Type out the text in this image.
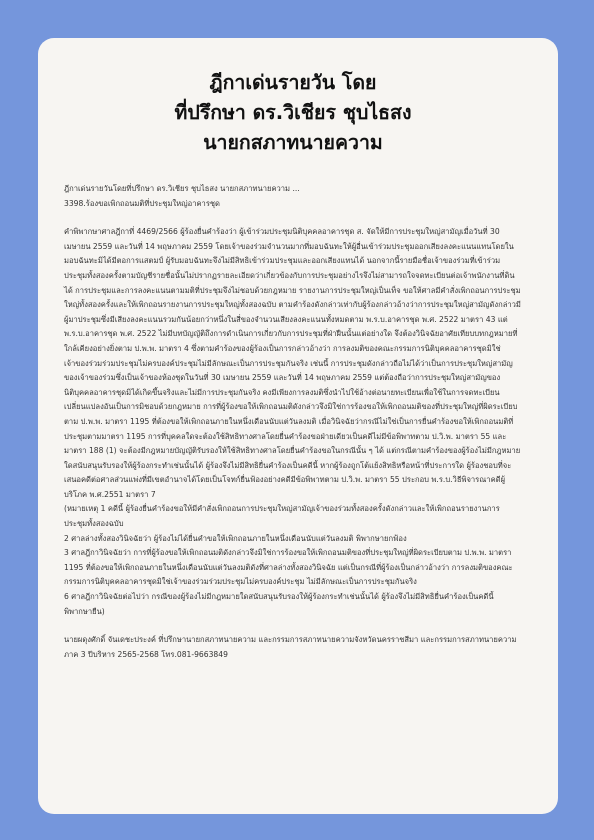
ฎีกาเด่นรายวัน โดย
ที่ปรึกษา ดร.วิเชียร ชุบไธสง
นายกสภาทนายความ

ฎีกาเด่นรายวันโดยที่ปรึกษา ดร.วิเชียร ชุบไธสง นายกสภาทนายความ ...
3398.ร้องขอเพิกถอนมติที่ประชุมใหญ่อาคารชุด

คำพิพากษาศาลฎีกาที่ 4469/2566 ผู้ร้องยื่นคำร้องว่า ผู้เข้าร่วมประชุมนิติบุคคลอาคารชุด ส. จัดให้มีการประชุมใหญ่สามัญเมื่อวันที่ 30 เมษายน 2559 และวันที่ 14 พฤษภาคม 2559 โดยเจ้าของร่วมจำนวนมากที่มอบฉันทะให้ผู้อื่นเข้าร่วมประชุมออกเสียงลงคะแนนแทนโดยในมอบฉันทะมิได้มีตอการแสตมป์ ผู้รับมอบฉันทะจึงไม่มีสิทธิเข้าร่วมประชุมและออกเสียงแทนได้ นอกจากนี้รายมือชื่อเจ้าของร่วมที่เข้าร่วมประชุมทั้งสองครั้งตามบัญชีรายชื่อนั้นไม่ปรากฏรายละเอียดว่าเกี่ยวข้องกับการประชุมอย่างไรจึงไม่สามารถใจจดทะเบียนต่อเจ้าพนักงานที่ดินได้ การประชุมและการลงคะแนนตามมติที่ประชุมจึงไม่ชอบด้วยกฎหมาย รายงานการประชุมใหญ่เป็นเท็จ ขอให้ศาลมีคำสั่งเพิกถอนการประชุมใหญ่ทั้งสองครั้งและให้เพิกถอนรายงานการประชุมใหญ่ทั้งสองฉบับ ตามคำร้องดังกล่าวเท่ากับผู้ร้องกล่าวอ้างว่าการประชุมใหญ่สามัญดังกล่าวมีผู้มาประชุมซึ่งมีเสียงลงคะแนนรวมกันน้อยกว่าหนึ่งในสี่ของจำนวนเสียงลงคะแนนทั้งหมดตาม พ.ร.บ.อาคารชุด พ.ศ. 2522 มาตรา 43 แต่ พ.ร.บ.อาคารชุด พ.ศ. 2522 ไม่มีบทบัญญัติถึงการดำเนินการเกี่ยวกับการประชุมที่ฝ่าฝืนนั้นแต่อย่างใด จึงต้องวินิจฉัยอาศัยเทียบบทกฎหมายที่ใกล้เคียงอย่างยิ่งตาม ป.พ.พ. มาตรา 4 ซึ่งตามคำร้องของผู้ร้องเป็นการกล่าวอ้างว่า การลงมติของคณะกรรมการนิติบุคคลอาคารชุดมิใช่เจ้าของร่วมร่วมประชุมไม่ครบองค์ประชุมไม่มีลักษณะเป็นการประชุมกันจริง เช่นนี้ การประชุมดังกล่าวถือไม่ได้ว่าเป็นการประชุมใหญ่สามัญของเจ้าของร่วมซึ่งเป็นเจ้าของห้องชุดในวันที่ 30 เมษายน 2559 และวันที่ 14 พฤษภาคม 2559 แต่ต้องถือว่าการประชุมใหญ่สามัญของนิติบุคคลอาคารชุดมิได้เกิดขึ้นจริงและไม่มีการประชุมกันจริง คงมีเพียงการลงมติซึ่งนำไปใช้อ้างต่อนายทะเบียนเพื่อใช้ในการจดทะเบียนเปลี่ยนแปลงอันเป็นการมิชอบด้วยกฎหมาย การที่ผู้ร้องขอให้เพิกถอนมติดังกล่าวจึงมิใช่การร้องขอให้เพิกถอนมติของที่ประชุมใหญ่ที่ผิดระเบียบตาม ป.พ.พ. มาตรา 1195 ที่ต้องขอให้เพิกถอนภายในหนึ่งเดือนนับแต่วันลงมติ เมื่อวินิจฉัยว่ากรณีไม่ใช่เป็นการยื่นคำร้องขอให้เพิกถอนมติที่ประชุมตามมาตรา 1195 การที่บุคคลใดจะต้องใช้สิทธิทางศาลโดยยื่นคำร้องขอฝ่ายเดียวเป็นคดีไม่มีข้อพิพาทตาม ป.วิ.พ. มาตรา 55 และมาตรา 188 (1) จะต้องมีกฎหมายบัญญัติรับรองให้ใช้สิทธิทางศาลโดยยื่นคำร้องขอในกรณีนั้น ๆ ได้ แต่กรณีตามคำร้องของผู้ร้องไม่มีกฎหมายใดสนับสนุนรับรองให้ผู้ร้องกระทำเช่นนั้นได้ ผู้ร้องจึงไม่มีสิทธิยื่นคำร้องเป็นคดีนี้ หากผู้ร้องถูกโต้แย้งสิทธิหรือหน้าที่ประการใด ผู้ร้องชอบที่จะเสนอคดีต่อศาลส่วนแพ่งที่มีเขตอำนาจได้โดยเป็นโจทก์ยื่นฟ้องอย่างคดีมีข้อพิพาทตาม ป.วิ.พ. มาตรา 55 ประกอบ พ.ร.บ.วิธีพิจารณาคดีผู้บริโภค พ.ศ.2551 มาตรา 7

(หมายเหตุ 1 คดีนี้ ผู้ร้องยื่นคำร้องขอให้มีคำสั่งเพิกถอนการประชุมใหญ่สามัญเจ้าของร่วมทั้งสองครั้งดังกล่าวและให้เพิกถอนรายงานการประชุมทั้งสองฉบับ

2 ศาลล่างทั้งสองวินิจฉัยว่า ผู้ร้องไม่ได้ยื่นคำขอให้เพิกถอนภายในหนึ่งเดือนนับแต่วันลงมติ พิพากษายกฟ้อง

3 ศาลฎีกาวินิจฉัยว่า การที่ผู้ร้องขอให้เพิกถอนมติดังกล่าวจึงมิใช่การร้องขอให้เพิกถอนมติของที่ประชุมใหญ่ที่ผิดระเบียบตาม ป.พ.พ. มาตรา 1195 ที่ต้องขอให้เพิกถอนภายในหนึ่งเดือนนับแต่วันลงมติดังที่ศาลล่างทั้งสองวินิจฉัย แต่เป็นกรณีที่ผู้ร้องเป็นกล่าวอ้างว่า การลงมติของคณะกรรมการนิติบุคคลอาคารชุดมิใช่เจ้าของร่วมร่วมประชุมไม่ครบองค์ประชุม ไม่มีลักษณะเป็นการประชุมกันจริง

6 ศาลฎีกาวินิจฉัยต่อไปว่า กรณีของผู้ร้องไม่มีกฎหมายใดสนับสนุนรับรองให้ผู้ร้องกระทำเช่นนั้นได้ ผู้ร้องจึงไม่มีสิทธิยื่นคำร้องเป็นคดีนี้ พิพากษายืน)

นายผดุงศักดิ์ จันเดชะประงค์ ที่ปรึกษานายกสภาทนายความ และกรรมการสภาทนายความจังหวัดนครราชสีมา และกรรมการสภาทนายความภาค 3 ปีบริหาร 2565-2568 โทร.081-9663849
